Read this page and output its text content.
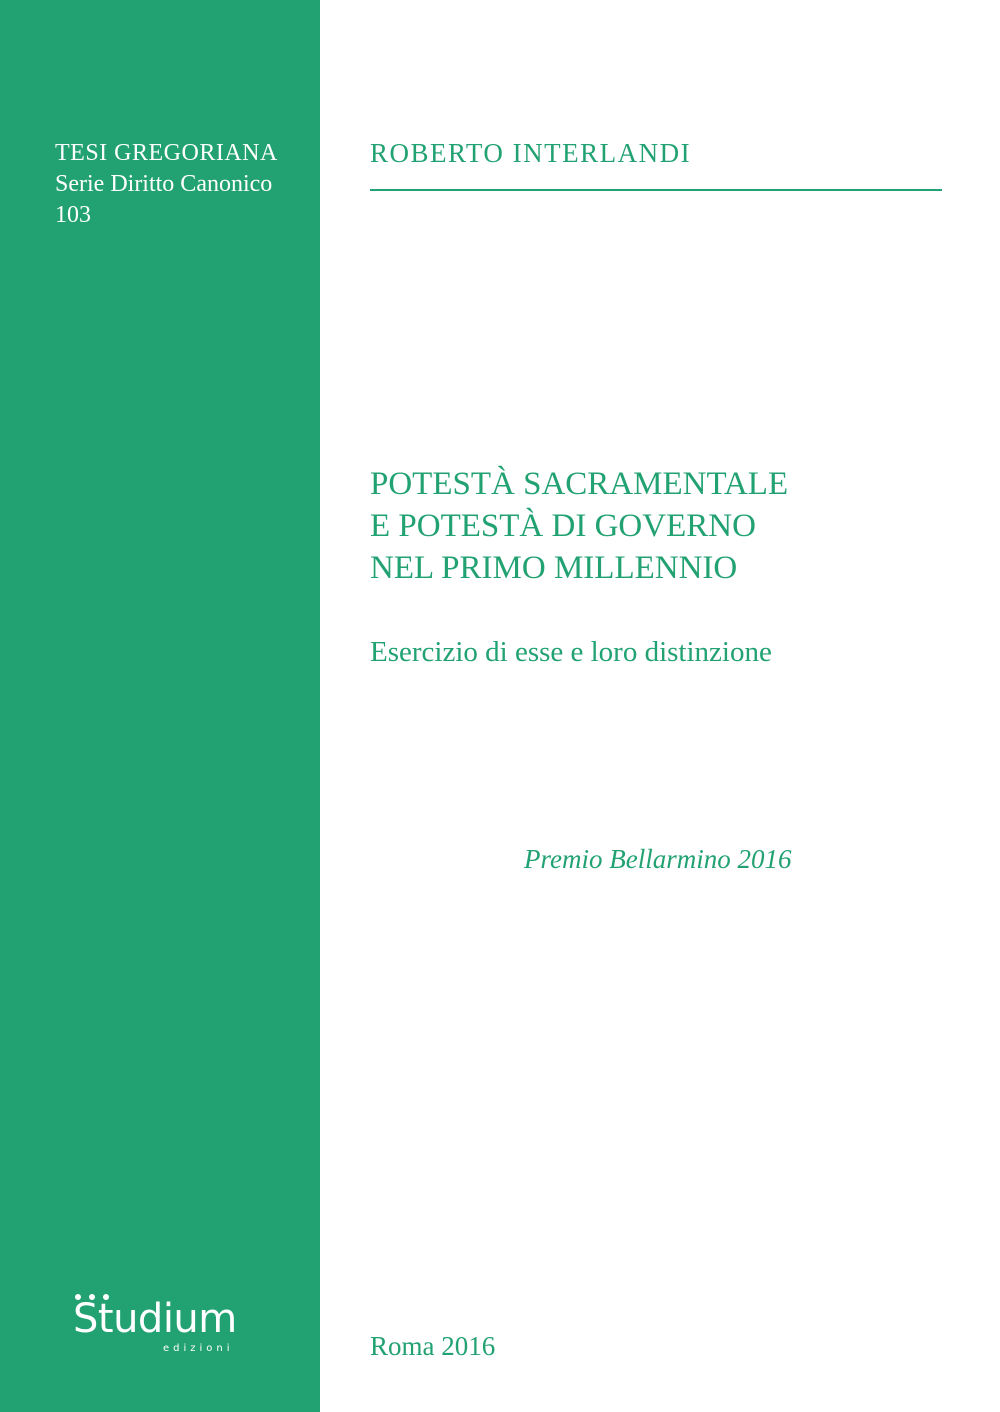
TESI GREGORIANA
Serie Diritto Canonico
103
Studium
edizioni
ROBERTO INTERLANDI
POTESTÀ SACRAMENTALE
E POTESTÀ DI GOVERNO
NEL PRIMO MILLENNIO
Esercizio di esse e loro distinzione
Premio Bellarmino 2016
Roma 2016
